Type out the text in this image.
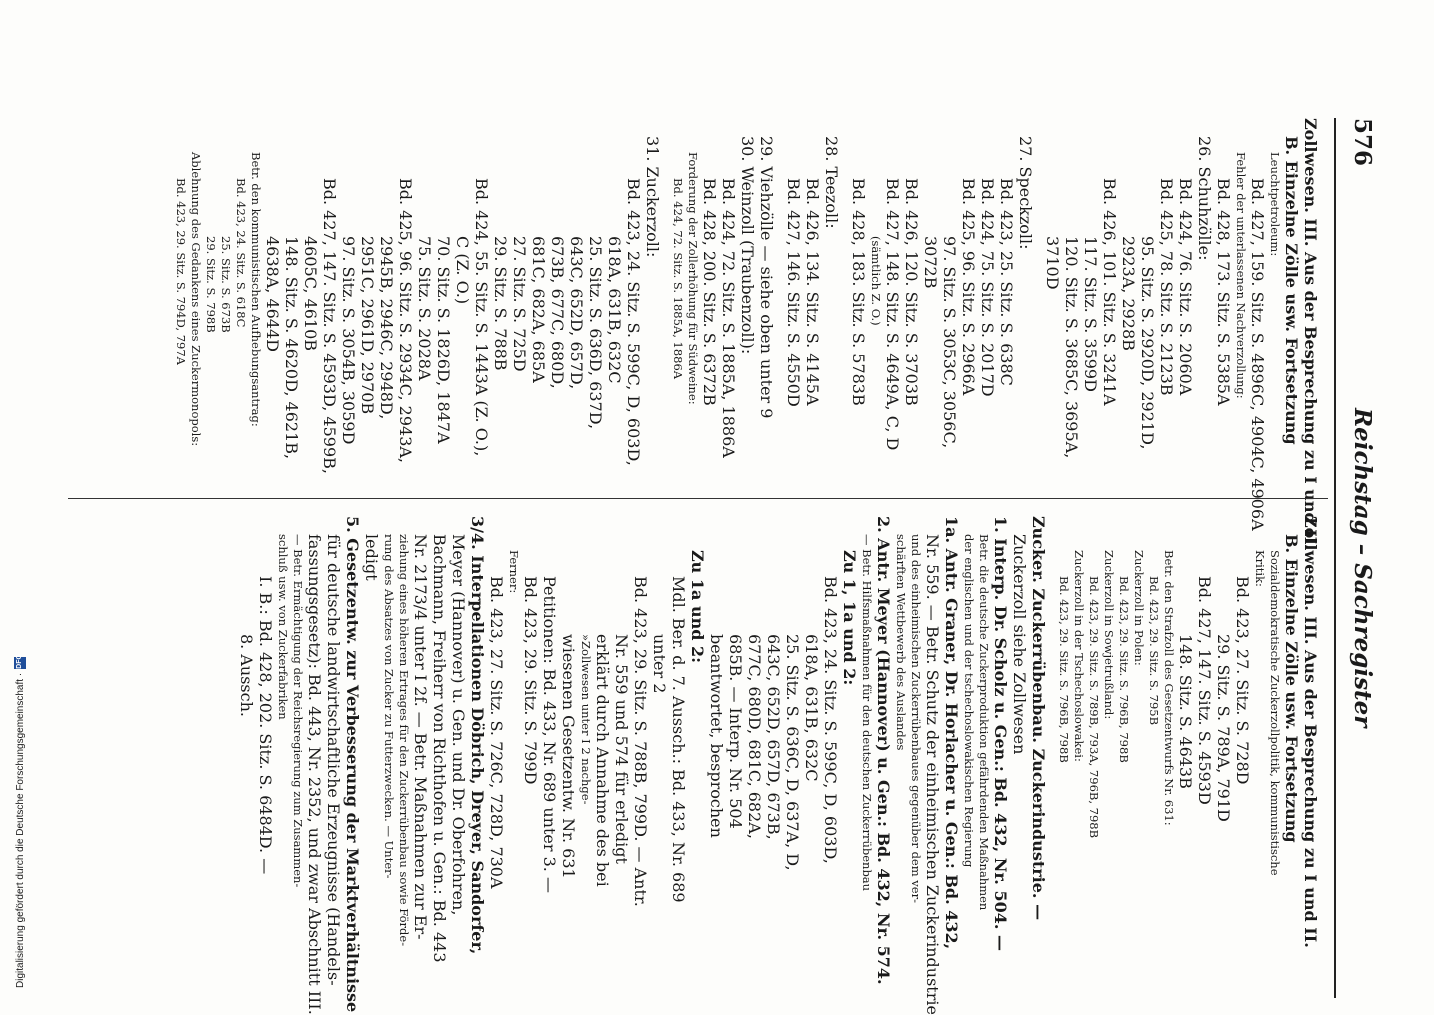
576
Reichstag – Sachregister
Zollwesen. III. Aus der Besprechung zu I und II.
B. Einzelne Zölle usw. Fortsetzung
Leuchtpetroleum:
Bd. 427, 159. Sitz. S. 4896C, 4904C, 4906A
Fehler der unterlassenen Nachverzollung:
Bd. 428, 173. Sitz. S. 5385A
26. Schuhzölle:
Bd. 424, 76. Sitz. S. 2060A
Bd. 425, 78. Sitz. S. 2123B
95. Sitz. S. 2920D, 2921D,
2923A, 2928B
Bd. 426, 101. Sitz. S. 3241A
117. Sitz. S. 3599D
120. Sitz. S. 3685C, 3695A,
3710D
27. Speckzoll:
Bd. 423, 25. Sitz. S. 638C
Bd. 424, 75. Sitz. S. 2017D
Bd. 425, 96. Sitz. S. 2966A
97. Sitz. S. 3053C, 3056C,
3072B
Bd. 426, 120. Sitz. S. 3703B
Bd. 427, 148. Sitz. S. 4649A, C, D
(sämtlich Z. O.)
Bd. 428, 183. Sitz. S. 5783B
28. Teezoll:
Bd. 426, 134. Sitz. S. 4145A
Bd. 427, 146. Sitz. S. 4550D
29. Viehzölle — siehe oben unter 9
30. Weinzoll (Traubenzoll):
Bd. 424, 72. Sitz. S. 1885A, 1886A
Bd. 428, 200. Sitz. S. 6372B
Forderung der Zollerhöhung für Südweine:
Bd. 424, 72. Sitz. S. 1885A, 1886A
31. Zuckerzoll:
Bd. 423, 24. Sitz. S. 599C, D, 603D,
618A, 631B, 632C
25. Sitz. S. 636D, 637D,
643C, 652D, 657D,
673B, 677C, 680D,
681C, 682A, 685A
27. Sitz. S. 725D
29. Sitz. S. 788B
Bd. 424, 55. Sitz. S. 1443A (Z. O.),
C (Z. O.)
70. Sitz. S. 1826D, 1847A
75. Sitz. S. 2028A
Bd. 425, 96. Sitz. S. 2934C, 2943A,
2945B, 2946C, 2948D,
2951C, 2961D, 2970B
97. Sitz. S. 3054B, 3059D
Bd. 427, 147. Sitz. S. 4593D, 4599B,
4605C, 4610B
148. Sitz. S. 4620D, 4621B,
4638A, 4644D
Betr. den kommunistischen Aufhebungsantrag:
Bd. 423, 24. Sitz. S. 618C
25. Sitz. S. 673B
29. Sitz. S. 798B
Ablehnung des Gedankens eines Zuckermonopols:
Bd. 423, 29. Sitz. S. 794D, 797A
Zollwesen. III. Aus der Besprechung zu I und II.
B. Einzelne Zölle usw. Fortsetzung
Sozialdemokratische Zuckerzollpolitik, kommunistische
Kritik:
Bd. 423, 27. Sitz. S. 728D
29. Sitz. S. 789A, 791D
Bd. 427, 147. Sitz. S. 4593D
148. Sitz. S. 4643B
Betr. den Strafzoll des Gesetzentwurfs Nr. 631:
Bd. 423, 29. Sitz. S. 795B
Zuckerzoll in Polen:
Bd. 423, 29. Sitz. S. 796B, 798B
Zuckerzoll in Sowjetrußland:
Bd. 423, 29. Sitz. S. 789B, 793A, 796B, 798B
Zuckerzoll in der Tschechoslowakei:
Bd. 423, 29. Sitz. S. 796B, 798B
Zucker. Zuckerrübenbau. Zuckerindustrie. —
Zuckerzoll siehe Zollwesen
1. Interp. Dr. Scholz u. Gen.: Bd. 432, Nr. 504. —
Betr. die deutsche Zuckerproduktion gefährdenden Maßnahmen
der englischen und der tschechoslowakischen Regierung
1a. Antr. Graner, Dr. Horlacher u. Gen.: Bd. 432,
Nr. 559. — Betr. Schutz der einheimischen Zuckerindustrie
und des einheimischen Zuckerrübenbaues gegenüber dem ver-
schärften Wettbewerb des Auslandes
2. Antr. Meyer (Hannover) u. Gen.: Bd. 432, Nr. 574.
— Betr. Hilfsmaßnahmen für den deutschen Zuckerrübenbau
Zu 1, 1a und 2:
Bd. 423, 24. Sitz. S. 599C, D, 603D,
618A, 631B, 632C
25. Sitz. S. 636C, D, 637A, D,
643C, 652D, 657D, 673B,
677C, 680D, 681C, 682A,
685B. — Interp. Nr. 504
beantwortet, besprochen
Zu 1a und 2:
Mdl. Ber. d. 7. Aussch.: Bd. 433, Nr. 689
unter 2
Bd. 423, 29. Sitz. S. 788B, 799D. — Antr.
Nr. 559 und 574 für erledigt
erklärt durch Annahme des bei
»Zollwesen unter I 2 nachge-
wiesenen Gesetzentw. Nr. 631
Petitionen: Bd. 433, Nr. 689 unter 3. —
Bd. 423, 29. Sitz. S. 799D
Ferner:
Bd. 423, 27. Sitz. S. 726C, 728D, 730A
3/4. Interpellationen Döbrich, Dreyer, Sandorfer,
Meyer (Hannover) u. Gen. und Dr. Oberfohren,
Bachmann, Freiherr von Richthofen u. Gen.: Bd. 443
Nr. 2173/4 unter I 2f. — Betr. Maßnahmen zur Er-
ziehung eines höheren Ertrages für den Zuckerrübenbau sowie Förde-
rung des Absatzes von Zucker zu Futterzwecken. — Unter-
ledigt
5. Gesetzentw. zur Verbesserung der Marktverhältnisse
für deutsche landwirtschaftliche Erzeugnisse (Handels-
fassungsgesetz): Bd. 443, Nr. 2352, und zwar Abschnitt III.
— Betr. Ermächtigung der Reichsregierung zum Zusammen-
schluß usw. von Zuckerfabriken
I. B.: Bd. 428, 202. Sitz. S. 6484D. —
8. Aussch.
Digitalisierung gefördert durch die Deutsche Forschungsgemeinschaft ·
DFG
